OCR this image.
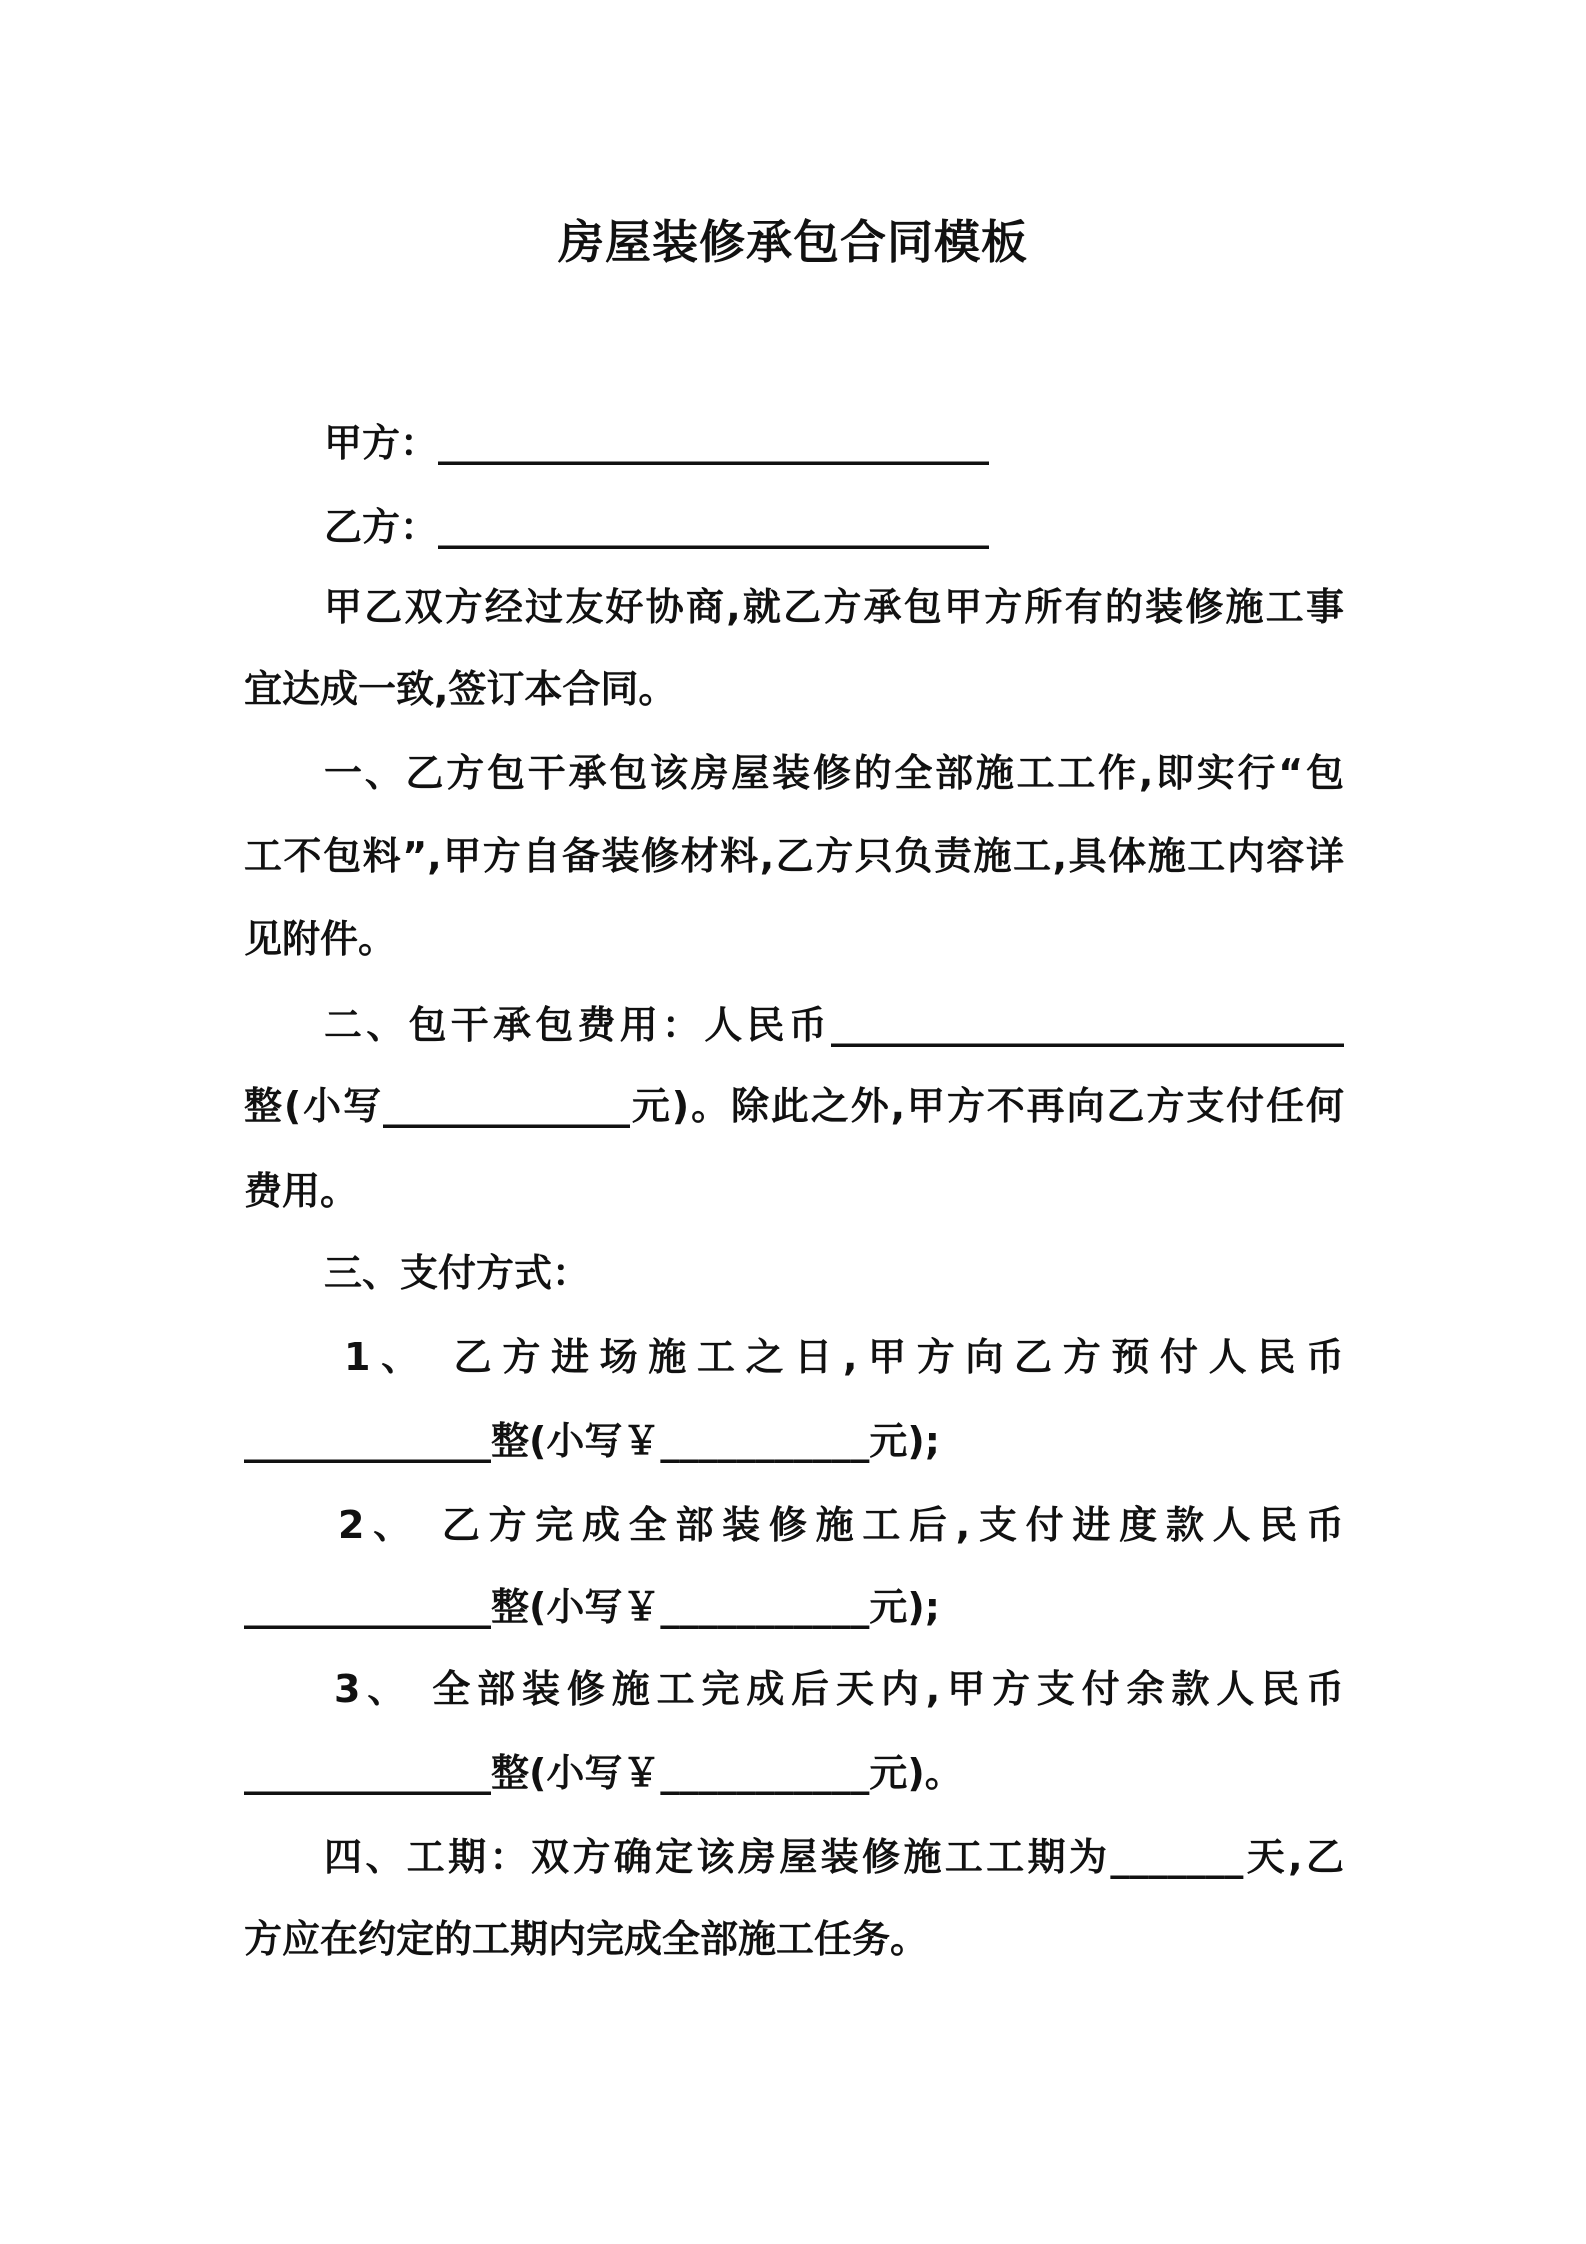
房屋装修承包合同模板
甲方：_____________________________
乙方：_____________________________
甲乙双方经过友好协商,就乙方承包甲方所有的装修施工事
宜达成一致,签订本合同。
一、乙方包干承包该房屋装修的全部施工工作,即实行“包
工不包料”,甲方自备装修材料,乙方只负责施工,具体施工内容详
见附件。
二、包干承包费用：人民币___________________________
整(小写_____________元)。除此之外,甲方不再向乙方支付任何
费用。
三、支付方式：
1、 乙方进场施工之日,甲方向乙方预付人民币
_____________整(小写￥___________元);
2、 乙方完成全部装修施工后,支付进度款人民币
_____________整(小写￥___________元);
3、 全部装修施工完成后天内,甲方支付余款人民币
_____________整(小写￥___________元)。
四、工期：双方确定该房屋装修施工工期为_______天,乙
方应在约定的工期内完成全部施工任务。
